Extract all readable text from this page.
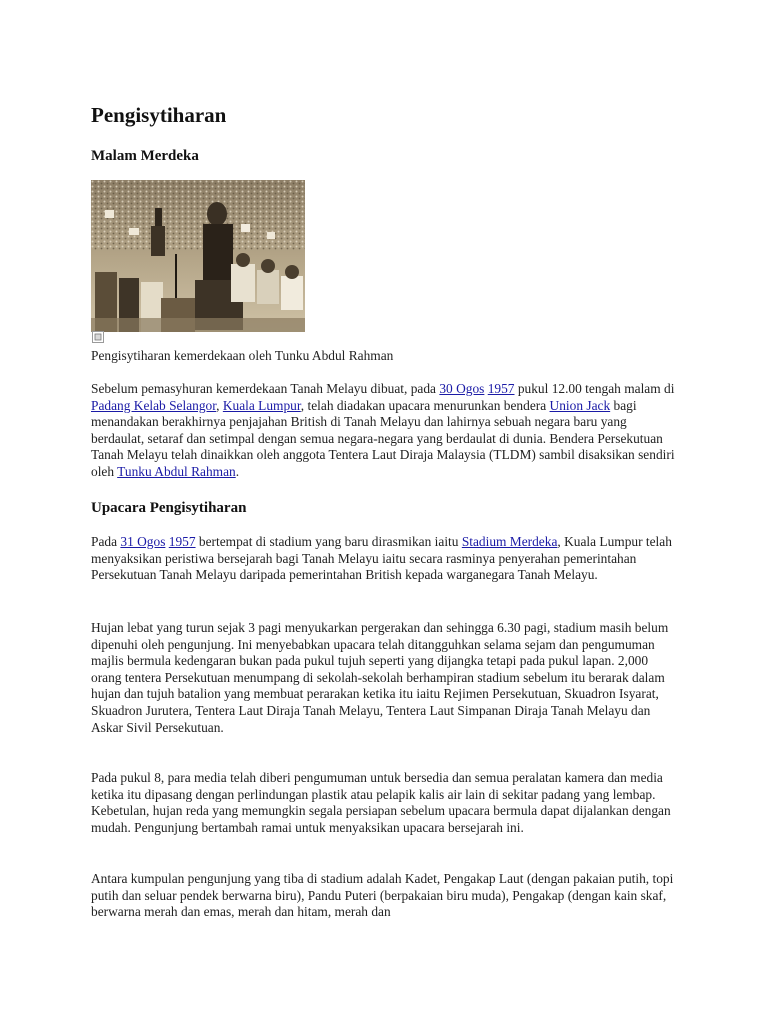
Pengisytiharan
Malam Merdeka

Pengisytiharan kemerdekaan oleh Tunku Abdul Rahman

Sebelum pemasyhuran kemerdekaan Tanah Melayu dibuat, pada 30 Ogos 1957 pukul 12.00 tengah malam di Padang Kelab Selangor, Kuala Lumpur, telah diadakan upacara menurunkan bendera Union Jack bagi menandakan berakhirnya penjajahan British di Tanah Melayu dan lahirnya sebuah negara baru yang berdaulat, setaraf dan setimpal dengan semua negara-negara yang berdaulat di dunia. Bendera Persekutuan Tanah Melayu telah dinaikkan oleh anggota Tentera Laut Diraja Malaysia (TLDM) sambil disaksikan sendiri oleh Tunku Abdul Rahman.

Upacara Pengisytiharan

Pada 31 Ogos 1957 bertempat di stadium yang baru dirasmikan iaitu Stadium Merdeka, Kuala Lumpur telah menyaksikan peristiwa bersejarah bagi Tanah Melayu iaitu secara rasminya penyerahan pemerintahan Persekutuan Tanah Melayu daripada pemerintahan British kepada warganegara Tanah Melayu.

Hujan lebat yang turun sejak 3 pagi menyukarkan pergerakan dan sehingga 6.30 pagi, stadium masih belum dipenuhi oleh pengunjung. Ini menyebabkan upacara telah ditangguhkan selama sejam dan pengumuman majlis bermula kedengaran bukan pada pukul tujuh seperti yang dijangka tetapi pada pukul lapan. 2,000 orang tentera Persekutuan menumpang di sekolah-sekolah berhampiran stadium sebelum itu berarak dalam hujan dan tujuh batalion yang membuat perarakan ketika itu iaitu Rejimen Persekutuan, Skuadron Isyarat, Skuadron Jurutera, Tentera Laut Diraja Tanah Melayu, Tentera Laut Simpanan Diraja Tanah Melayu dan Askar Sivil Persekutuan.

Pada pukul 8, para media telah diberi pengumuman untuk bersedia dan semua peralatan kamera dan media ketika itu dipasang dengan perlindungan plastik atau pelapik kalis air lain di sekitar padang yang lembap. Kebetulan, hujan reda yang memungkin segala persiapan sebelum upacara bermula dapat dijalankan dengan mudah. Pengunjung bertambah ramai untuk menyaksikan upacara bersejarah ini.

Antara kumpulan pengunjung yang tiba di stadium adalah Kadet, Pengakap Laut (dengan pakaian putih, topi putih dan seluar pendek berwarna biru), Pandu Puteri (berpakaian biru muda), Pengakap (dengan kain skaf, berwarna merah dan emas, merah dan hitam, merah dan
